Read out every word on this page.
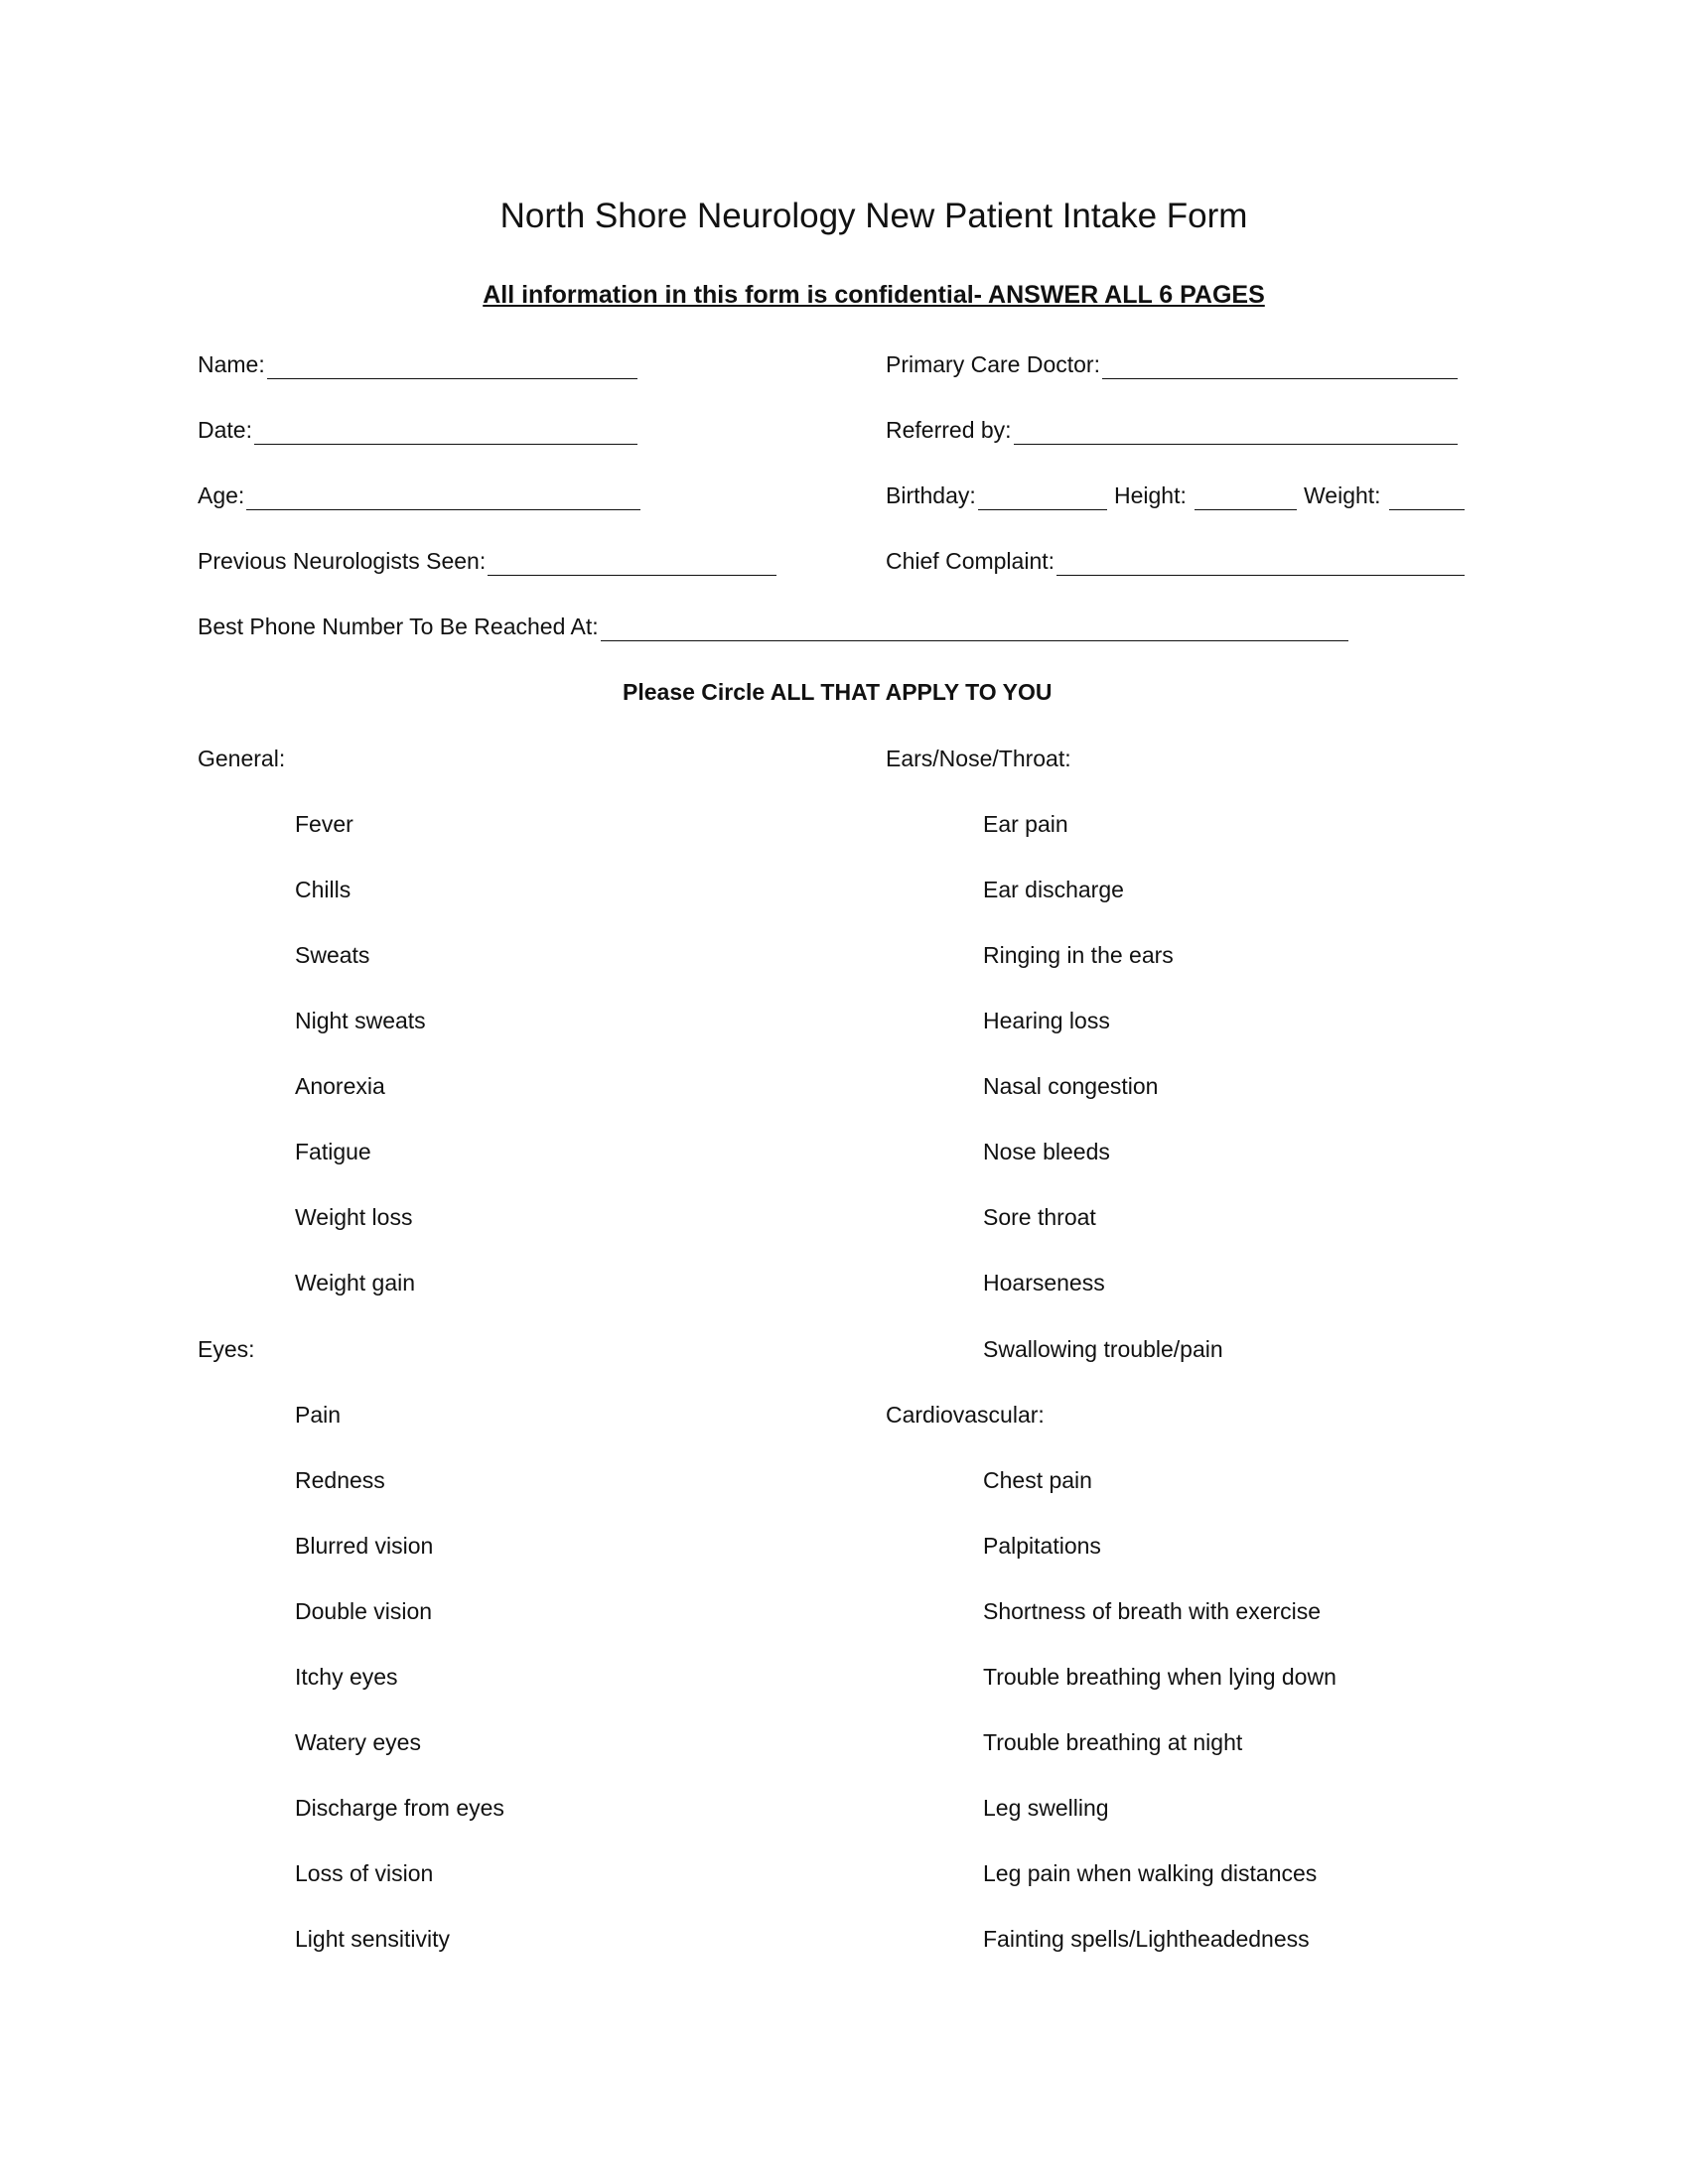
North Shore Neurology New Patient Intake Form
All information in this form is confidential- ANSWER ALL 6 PAGES
Name:
Date:
Age:
Previous Neurologists Seen:
Best Phone Number To Be Reached At:
Primary Care Doctor:
Referred by:
Birthday:	Height:	Weight:
Chief Complaint:
Please Circle ALL THAT APPLY TO YOU
General:
Fever
Chills
Sweats
Night sweats
Anorexia
Fatigue
Weight loss
Weight gain
Eyes:
Pain
Redness
Blurred vision
Double vision
Itchy eyes
Watery eyes
Discharge from eyes
Loss of vision
Light sensitivity
Ears/Nose/Throat:
Ear pain
Ear discharge
Ringing in the ears
Hearing loss
Nasal congestion
Nose bleeds
Sore throat
Hoarseness
Swallowing trouble/pain
Cardiovascular:
Chest pain
Palpitations
Shortness of breath with exercise
Trouble breathing when lying down
Trouble breathing at night
Leg swelling
Leg pain when walking distances
Fainting spells/Lightheadedness
